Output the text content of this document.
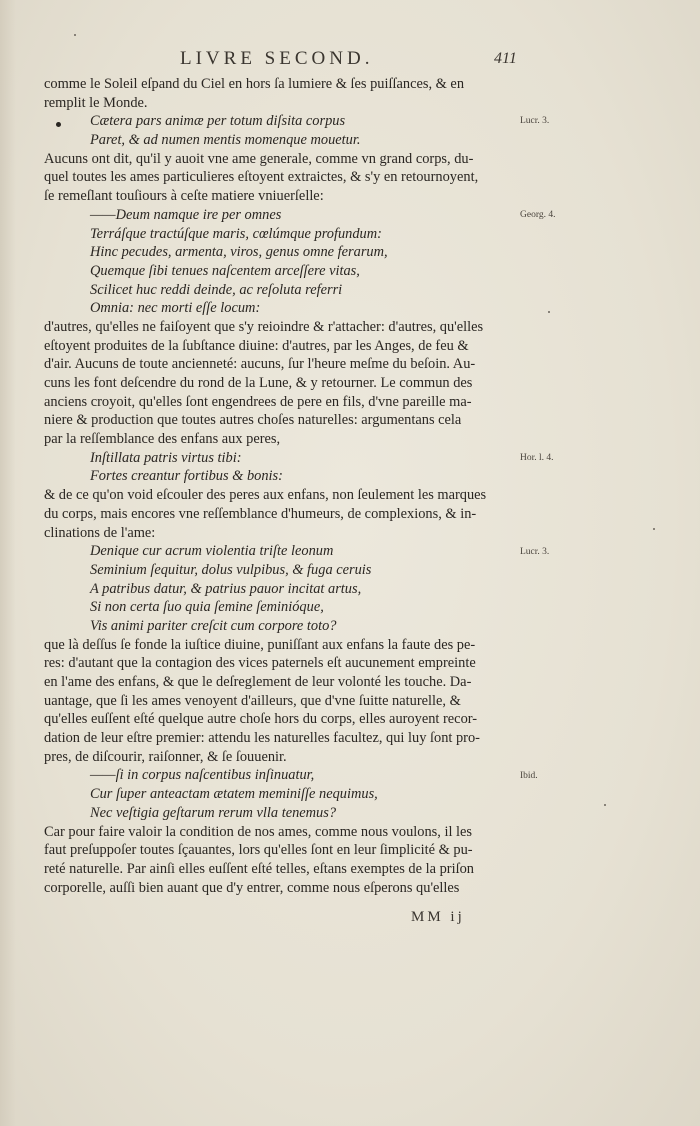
LIVRE SECOND.	411
comme le Soleil eſpand du Ciel en hors ſa lumiere & ſes puiſſances, & en
remplit le Monde.
Cætera pars animæ per totum diſsita corpus
Paret, & ad numen mentis momenque mouetur.
Aucuns ont dit, qu'il y auoit vne ame generale, comme vn grand corps, du-
quel toutes les ames particulieres eſtoyent extraictes, & s'y en retournoyent,
ſe remeſlant touſiours à ceſte matiere vniuerſelle:
——Deum namque ire per omnes
Terráſque tractúſque maris, cœlúmque profundum:
Hinc pecudes, armenta, viros, genus omne ferarum,
Quemque ſibi tenues naſcentem arceſſere vitas,
Scilicet huc reddi deinde, ac reſoluta referri
Omnia: nec morti eſſe locum:
d'autres, qu'elles ne faiſoyent que s'y reioindre & r'attacher: d'autres, qu'elles
eſtoyent produites de la ſubſtance diuine: d'autres, par les Anges, de feu &
d'air. Aucuns de toute ancienneté: aucuns, ſur l'heure meſme du beſoin. Au-
cuns les font deſcendre du rond de la Lune, & y retourner. Le commun des
anciens croyoit, qu'elles ſont engendrees de pere en fils, d'vne pareille ma-
niere & production que toutes autres choſes naturelles: argumentans cela
par la reſſemblance des enfans aux peres,
Inſtillata patris virtus tibi:
Fortes creantur fortibus & bonis:
& de ce qu'on void eſcouler des peres aux enfans, non ſeulement les marques
du corps, mais encores vne reſſemblance d'humeurs, de complexions, & in-
clinations de l'ame:
Denique cur acrum violentia triſte leonum
Seminium ſequitur, dolus vulpibus, & fuga ceruis
A patribus datur, & patrius pauor incitat artus,
Si non certa ſuo quia ſemine ſeminióque,
Vis animi pariter creſcit cum corpore toto?
que là deſſus ſe fonde la iuſtice diuine, puniſſant aux enfans la faute des pe-
res: d'autant que la contagion des vices paternels eſt aucunement empreinte
en l'ame des enfans, & que le deſreglement de leur volonté les touche. Da-
uantage, que ſi les ames venoyent d'ailleurs, que d'vne ſuitte naturelle, &
qu'elles euſſent eſté quelque autre choſe hors du corps, elles auroyent recor-
dation de leur eſtre premier: attendu les naturelles facultez, qui luy ſont pro-
pres, de diſcourir, raiſonner, & ſe ſouuenir.
——ſi in corpus naſcentibus inſinuatur,
Cur ſuper anteactam ætatem meminiſſe nequimus,
Nec veſtigia geſtarum rerum vlla tenemus?
Car pour faire valoir la condition de nos ames, comme nous voulons, il les
faut preſuppoſer toutes ſçauantes, lors qu'elles ſont en leur ſimplicité & pu-
reté naturelle. Par ainſi elles euſſent eſté telles, eſtans exemptes de la priſon
corporelle, auſſi bien auant que d'y entrer, comme nous eſperons qu'elles
Lucr. 3.
Georg. 4.
Hor. l. 4.
Lucr. 3.
Ibid.
MM ij
